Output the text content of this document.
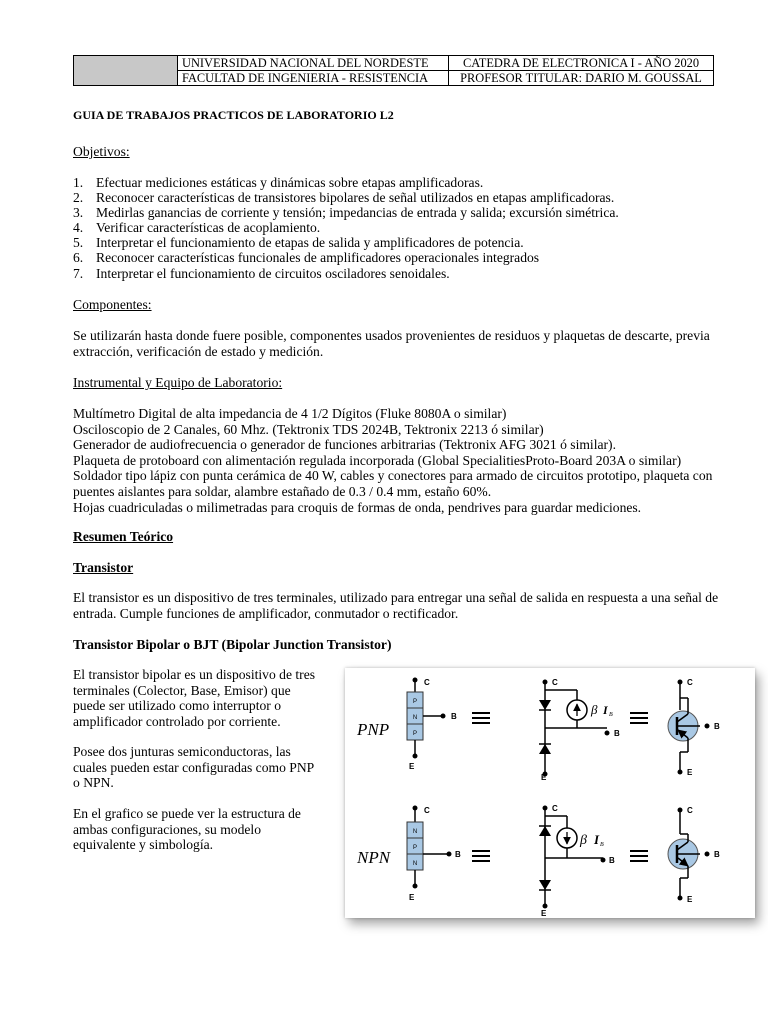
	UNIVERSIDAD NACIONAL DEL NORDESTE	CATEDRA DE ELECTRONICA I - AÑO 2020
	FACULTAD DE INGENIERIA - RESISTENCIA	PROFESOR TITULAR: DARIO M. GOUSSAL
GUIA DE TRABAJOS PRACTICOS DE LABORATORIO L2
Objetivos:
1. Efectuar mediciones estáticas y dinámicas sobre etapas amplificadoras.
2. Reconocer características de transistores bipolares de señal utilizados en etapas amplificadoras.
3. Medirlas ganancias de corriente y tensión; impedancias de entrada y salida; excursión simétrica.
4. Verificar características de acoplamiento.
5. Interpretar el funcionamiento de etapas de salida y amplificadores de potencia.
6. Reconocer características funcionales de amplificadores operacionales integrados
7. Interpretar el funcionamiento de circuitos osciladores senoidales.
Componentes:
Se utilizarán hasta donde fuere posible, componentes usados provenientes de residuos y plaquetas de descarte, previa extracción, verificación de estado y medición.
Instrumental y Equipo de Laboratorio:
Multímetro Digital de alta impedancia de 4 1/2 Dígitos (Fluke 8080A o similar)
Osciloscopio de 2 Canales, 60 Mhz. (Tektronix TDS 2024B, Tektronix 2213 ó similar)
Generador de audiofrecuencia o generador de funciones arbitrarias (Tektronix AFG 3021 ó similar).
Plaqueta de protoboard con alimentación regulada incorporada (Global SpecialitiesProto-Board 203A o similar)
Soldador tipo lápiz con punta cerámica de 40 W, cables y conectores para armado de circuitos prototipo, plaqueta con puentes aislantes para soldar, alambre estañado de 0.3 / 0.4 mm, estaño 60%.
Hojas cuadriculadas o milimetradas para croquis de formas de onda, pendrives para guardar mediciones.
Resumen Teórico
Transistor
El transistor es un dispositivo de tres terminales, utilizado para entregar una señal de salida en respuesta a una señal de entrada. Cumple funciones de amplificador, conmutador o rectificador.
Transistor Bipolar o BJT (Bipolar Junction Transistor)
El transistor bipolar es un dispositivo de tres terminales (Colector, Base, Emisor) que puede ser utilizado como interruptor o amplificador controlado por corriente.
Posee dos junturas semiconductoras, las cuales pueden estar configuradas como PNP o NPN.
En el grafico se puede ver la estructura de ambas configuraciones, su modelo equivalente y simbología.
PNP
C
P
N
P
B
E
C
B
β I B
E
C
B
E
NPN
C
N
P
N
B
E
C
B
β I B
E
C
B
E
